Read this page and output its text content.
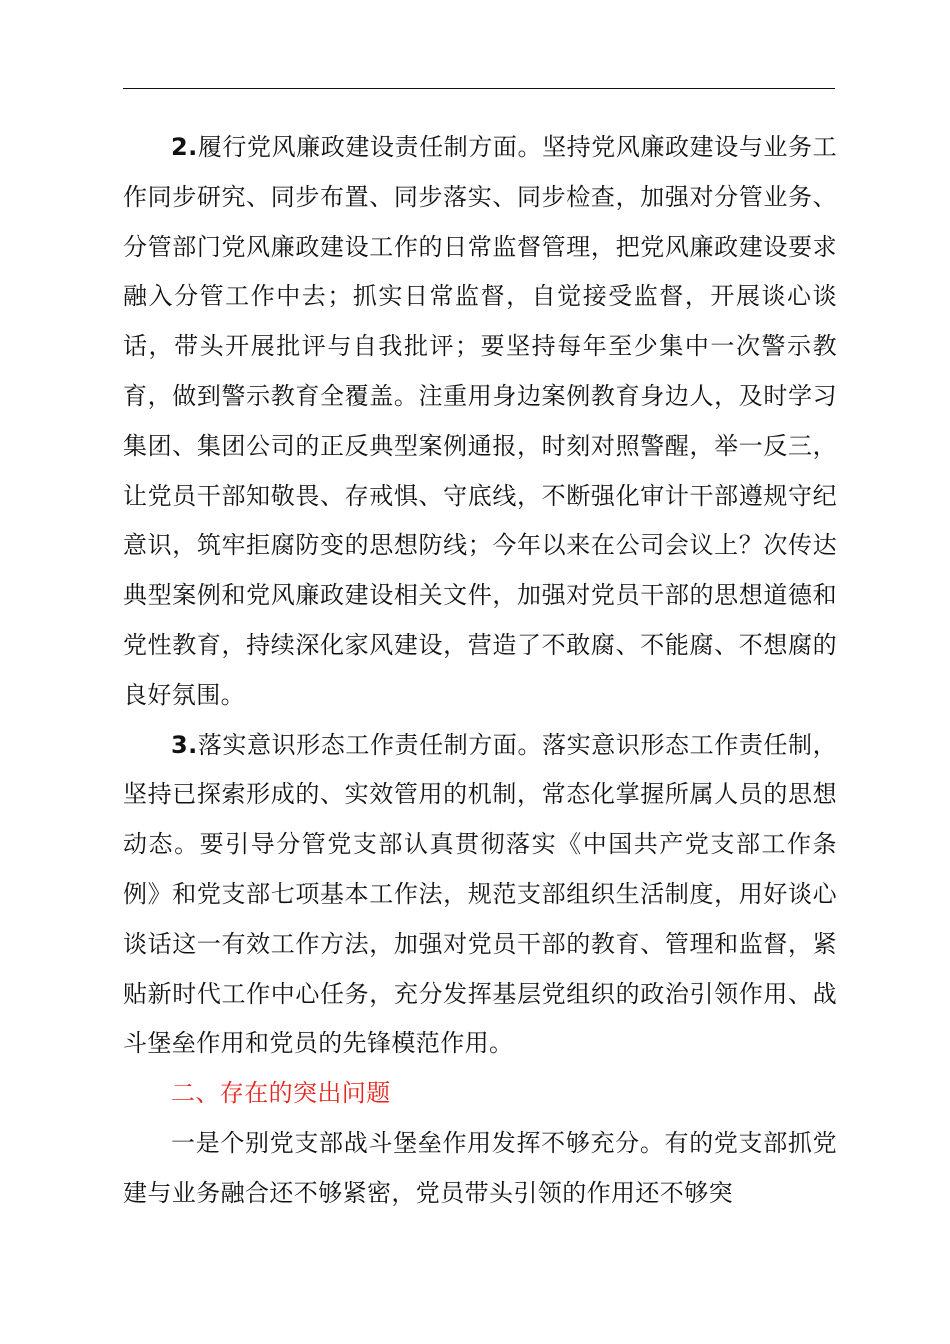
2.履行党风廉政建设责任制方面。坚持党风廉政建设与业务工作同步研究、同步布置、同步落实、同步检查，加强对分管业务、分管部门党风廉政建设工作的日常监督管理，把党风廉政建设要求融入分管工作中去；抓实日常监督，自觉接受监督，开展谈心谈话，带头开展批评与自我批评；要坚持每年至少集中一次警示教育，做到警示教育全覆盖。注重用身边案例教育身边人，及时学习集团、集团公司的正反典型案例通报，时刻对照警醒，举一反三，让党员干部知敬畏、存戒惧、守底线，不断强化审计干部遵规守纪意识，筑牢拒腐防变的思想防线；今年以来在公司会议上？次传达典型案例和党风廉政建设相关文件，加强对党员干部的思想道德和党性教育，持续深化家风建设，营造了不敢腐、不能腐、不想腐的良好氛围。

3.落实意识形态工作责任制方面。落实意识形态工作责任制，坚持已探索形成的、实效管用的机制，常态化掌握所属人员的思想动态。要引导分管党支部认真贯彻落实《中国共产党支部工作条例》和党支部七项基本工作法，规范支部组织生活制度，用好谈心谈话这一有效工作方法，加强对党员干部的教育、管理和监督，紧贴新时代工作中心任务，充分发挥基层党组织的政治引领作用、战斗堡垒作用和党员的先锋模范作用。

二、存在的突出问题

一是个别党支部战斗堡垒作用发挥不够充分。有的党支部抓党建与业务融合还不够紧密，党员带头引领的作用还不够突
